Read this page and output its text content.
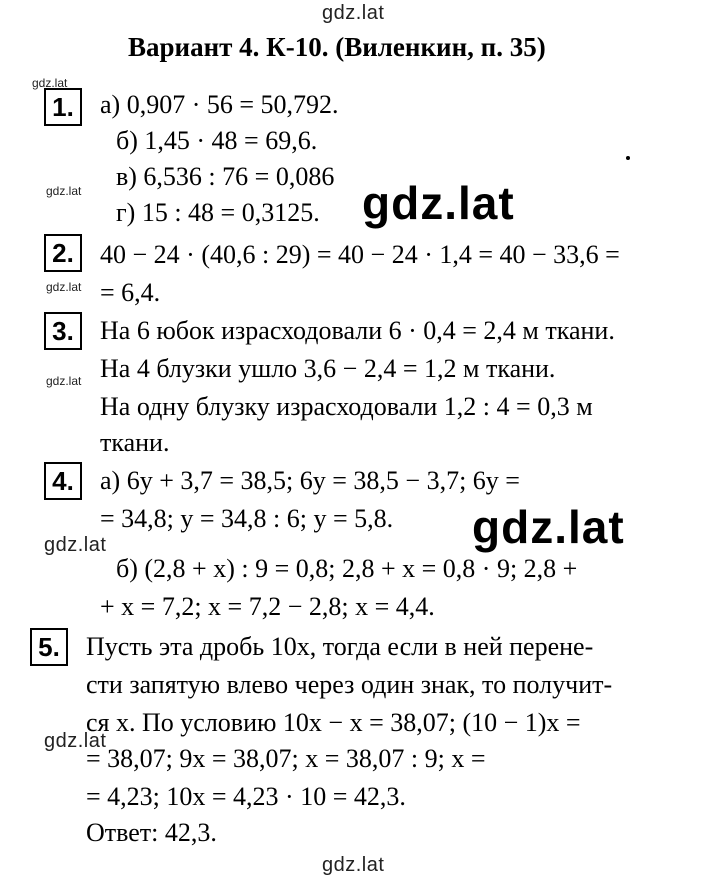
gdz.lat
gdz.lat
gdz.lat	gdz.lat
gdz.lat
gdz.lat
gdz.lat
gdz.lat
gdz.lat
gdz.lat
Вариант 4. К-10. (Виленкин, п. 35)
1.	а) 0,907 · 56 = 50,792.
б) 1,45 · 48 = 69,6.
в) 6,536 : 76 = 0,086
г) 15 : 48 = 0,3125.
2.	40 − 24 · (40,6 : 29) = 40 − 24 · 1,4 = 40 − 33,6 =
= 6,4.
3.	На 6 юбок израсходовали 6 · 0,4 = 2,4 м ткани.
На 4 блузки ушло 3,6 − 2,4 = 1,2 м ткани.
На одну блузку израсходовали 1,2 : 4 = 0,3 м
ткани.
4.	а) 6y + 3,7 = 38,5; 6y = 38,5 − 3,7; 6y =
= 34,8; y = 34,8 : 6; y = 5,8.
б) (2,8 + x) : 9 = 0,8; 2,8 + x = 0,8 · 9; 2,8 +
+ x = 7,2; x = 7,2 − 2,8; x = 4,4.
5.	Пусть эта дробь 10x, тогда если в ней перене-
сти запятую влево через один знак, то получит-
ся x. По условию 10x − x = 38,07; (10 − 1)x =
= 38,07; 9x = 38,07; x = 38,07 : 9; x =
= 4,23; 10x = 4,23 · 10 = 42,3.
Ответ: 42,3.
